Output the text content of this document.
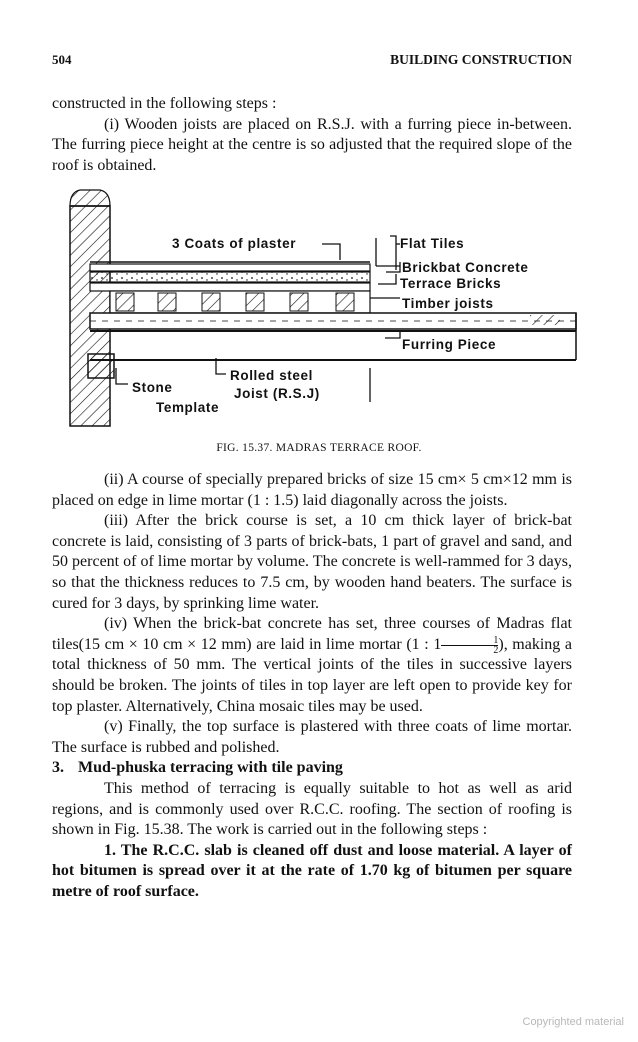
504	BUILDING CONSTRUCTION

constructed in the following steps :

(i) Wooden joists are placed on R.S.J. with a furring piece in-between. The furring piece height at the centre is so adjusted that the required slope of the roof is obtained.

3 Coats of plaster	Flat Tiles
Brickbat Concrete
Terrace Bricks
Timber joists
Furring Piece
Rolled steel
Joist (R.S.J)
Stone
Template
FIG. 15.37. MADRAS TERRACE ROOF.

(ii) A course of specially prepared bricks of size 15 cm× 5 cm×12 mm is placed on edge in lime mortar (1 : 1.5) laid diagonally across the joists.

(iii) After the brick course is set, a 10 cm thick layer of brick-bat concrete is laid, consisting of 3 parts of brick-bats, 1 part of gravel and sand, and 50 percent of of lime mortar by volume. The concrete is well-rammed for 3 days, so that the thickness reduces to 7.5 cm, by wooden hand beaters. The surface is cured for 3 days, by sprinking lime water.

(iv) When the brick-bat concrete has set, three courses of Madras flat tiles(15 cm × 10 cm × 12 mm) are laid in lime mortar (1 : $1 \frac{1}{2}$ ), making a total thickness of 50 mm. The vertical joints of the tiles in successive layers should be broken. The joints of tiles in top layer are left open to provide key for top plaster. Alternatively, China mosaic tiles may be used.

(v) Finally, the top surface is plastered with three coats of lime mortar. The surface is rubbed and polished.

3. Mud-phuska terracing with tile paving

This method of terracing is equally suitable to hot as well as arid regions, and is commonly used over R.C.C. roofing. The section of roofing is shown in Fig. 15.38. The work is carried out in the following steps :

1. The R.C.C. slab is cleaned off dust and loose material. A layer of hot bitumen is spread over it at the rate of 1.70 kg of bitumen per square metre of roof surface.

Copyrighted material
